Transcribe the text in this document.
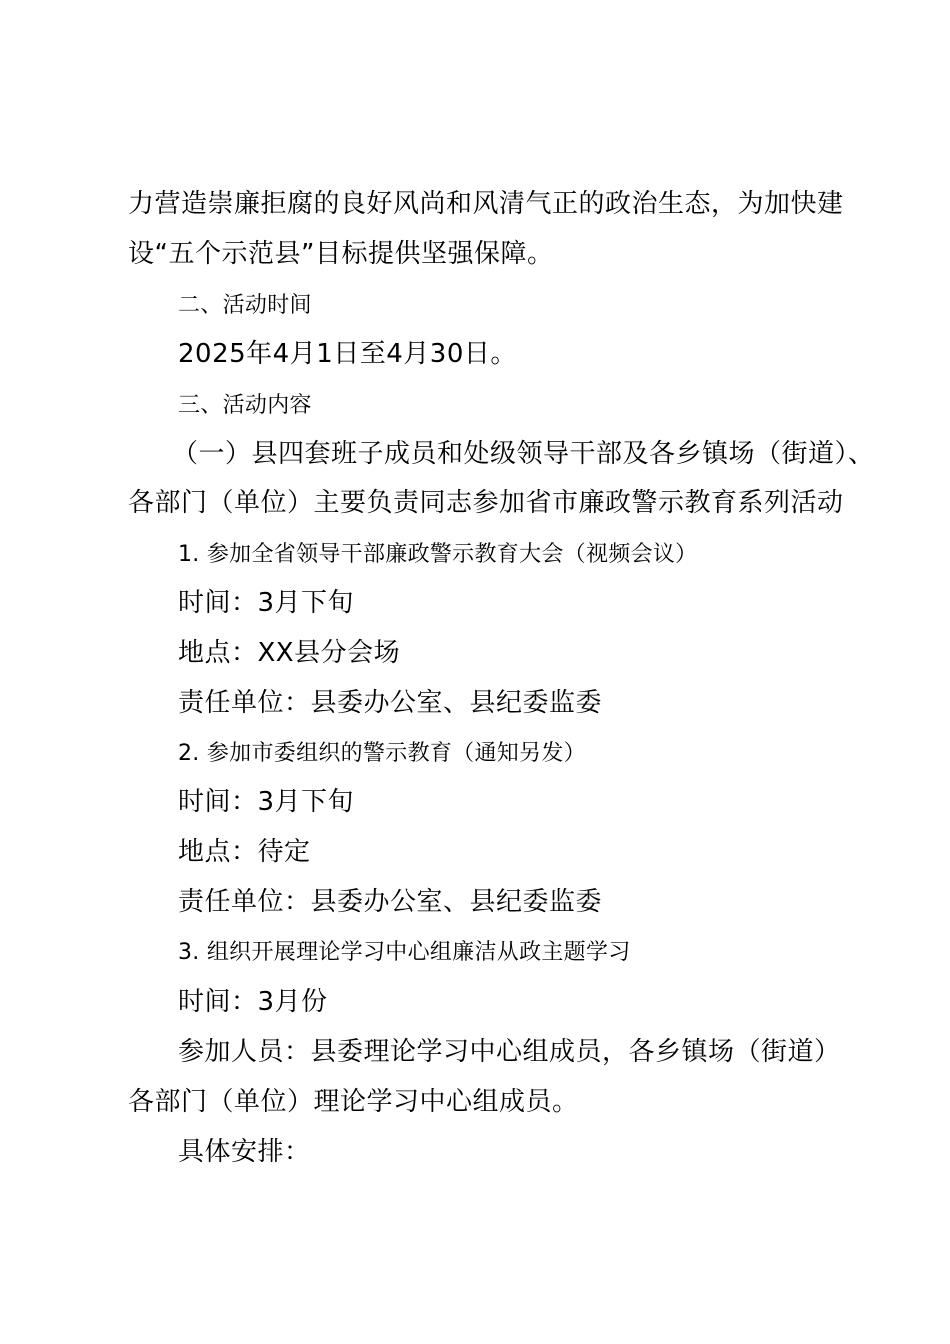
力营造崇廉拒腐的良好风尚和风清气正的政治生态，为加快建
设“五个示范县”目标提供坚强保障。
二、活动时间
2025年4月1日至4月30日。
三、活动内容
（一）县四套班子成员和处级领导干部及各乡镇场（街道）、
各部门（单位）主要负责同志参加省市廉政警示教育系列活动
1. 参加全省领导干部廉政警示教育大会（视频会议）
时间：3月下旬
地点：XX县分会场
责任单位：县委办公室、县纪委监委
2. 参加市委组织的警示教育（通知另发）
时间：3月下旬
地点：待定
责任单位：县委办公室、县纪委监委
3. 组织开展理论学习中心组廉洁从政主题学习
时间：3月份
参加人员：县委理论学习中心组成员，各乡镇场（街道）
各部门（单位）理论学习中心组成员。
具体安排：
